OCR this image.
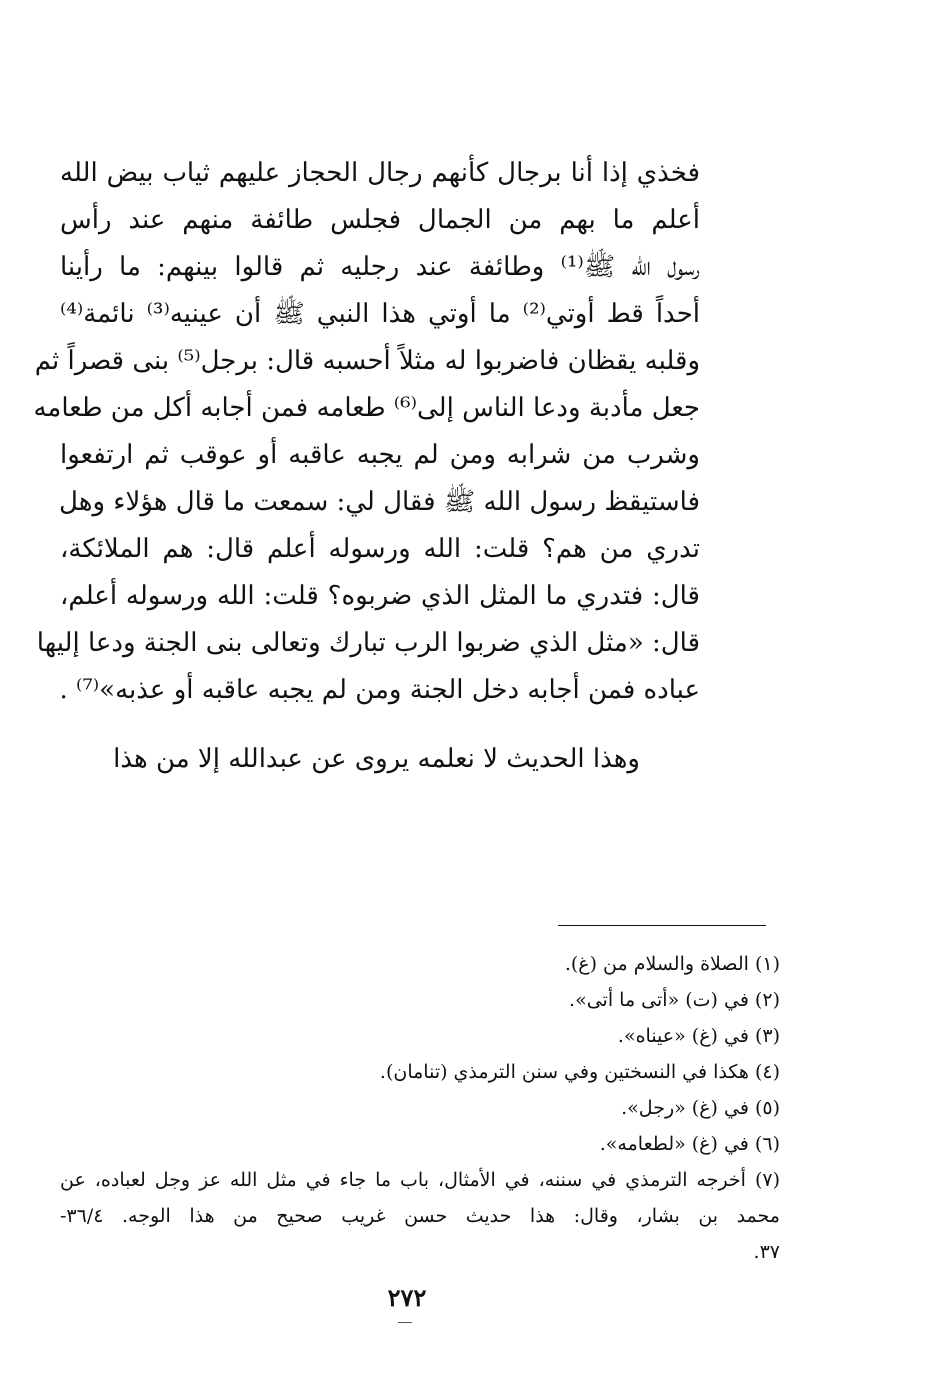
فخذي إذا أنا برجال كأنهم رجال الحجاز عليهم ثياب بيض الله
أعلم ما بهم من الجمال فجلس طائفة منهم عند رأس
رسول الله ﷺ⁽¹⁾ وطائفة عند رجليه ثم قالوا بينهم: ما رأينا
أحداً قط أوتي⁽²⁾ ما أوتي هذا النبي ﷺ أن عينيه⁽³⁾ نائمة⁽⁴⁾
وقلبه يقظان فاضربوا له مثلاً أحسبه قال: برجل⁽⁵⁾ بنى قصراً ثم
جعل مأدبة ودعا الناس إلى⁽⁶⁾ طعامه فمن أجابه أكل من طعامه
وشرب من شرابه ومن لم يجبه عاقبه أو عوقب ثم ارتفعوا
فاستيقظ رسول الله ﷺ فقال لي: سمعت ما قال هؤلاء وهل
تدري من هم؟ قلت: الله ورسوله أعلم قال: هم الملائكة،
قال: فتدري ما المثل الذي ضربوه؟ قلت: الله ورسوله أعلم،
قال: «مثل الذي ضربوا الرب تبارك وتعالى بنى الجنة ودعا إليها
عباده فمن أجابه دخل الجنة ومن لم يجبه عاقبه أو عذبه»⁽⁷⁾ .
وهذا الحديث لا نعلمه يروى عن عبدالله إلا من هذا
(١) الصلاة والسلام من (غ).
(٢) في (ت) «أتى ما أتى».
(٣) في (غ) «عيناه».
(٤) هكذا في النسختين وفي سنن الترمذي (تنامان).
(٥) في (غ) «رجل».
(٦) في (غ) «لطعامه».
(٧) أخرجه الترمذي في سننه، في الأمثال، باب ما جاء في مثل الله عز وجل لعباده، عن
محمد بن بشار، وقال: هذا حديث حسن غريب صحيح من هذا الوجه. ٣٦/٤-
٣٧.
٢٧٢
